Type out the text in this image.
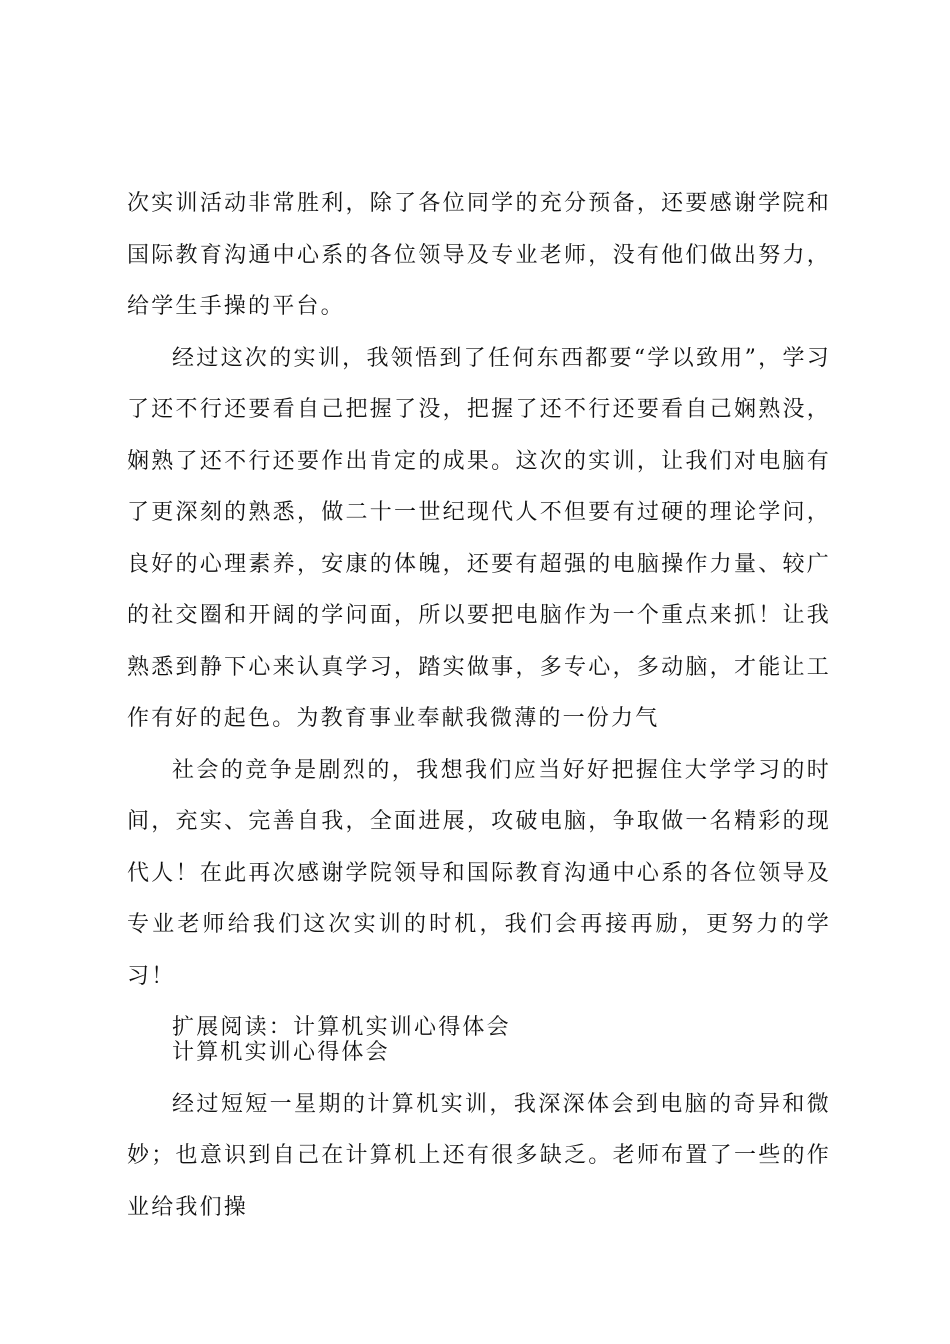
次实训活动非常胜利，除了各位同学的充分预备，还要感谢学院和国际教育沟通中心系的各位领导及专业老师，没有他们做出努力，给学生手操的平台。

经过这次的实训，我领悟到了任何东西都要“学以致用”，学习了还不行还要看自己把握了没，把握了还不行还要看自己娴熟没，娴熟了还不行还要作出肯定的成果。这次的实训，让我们对电脑有了更深刻的熟悉，做二十一世纪现代人不但要有过硬的理论学问，良好的心理素养，安康的体魄，还要有超强的电脑操作力量、较广的社交圈和开阔的学问面，所以要把电脑作为一个重点来抓！让我熟悉到静下心来认真学习，踏实做事，多专心，多动脑，才能让工作有好的起色。为教育事业奉献我微薄的一份力气

社会的竞争是剧烈的，我想我们应当好好把握住大学学习的时间，充实、完善自我，全面进展，攻破电脑，争取做一名精彩的现代人！在此再次感谢学院领导和国际教育沟通中心系的各位领导及专业老师给我们这次实训的时机，我们会再接再励，更努力的学习！

扩展阅读：计算机实训心得体会

计算机实训心得体会

经过短短一星期的计算机实训，我深深体会到电脑的奇异和微妙；也意识到自己在计算机上还有很多缺乏。老师布置了一些的作业给我们操
